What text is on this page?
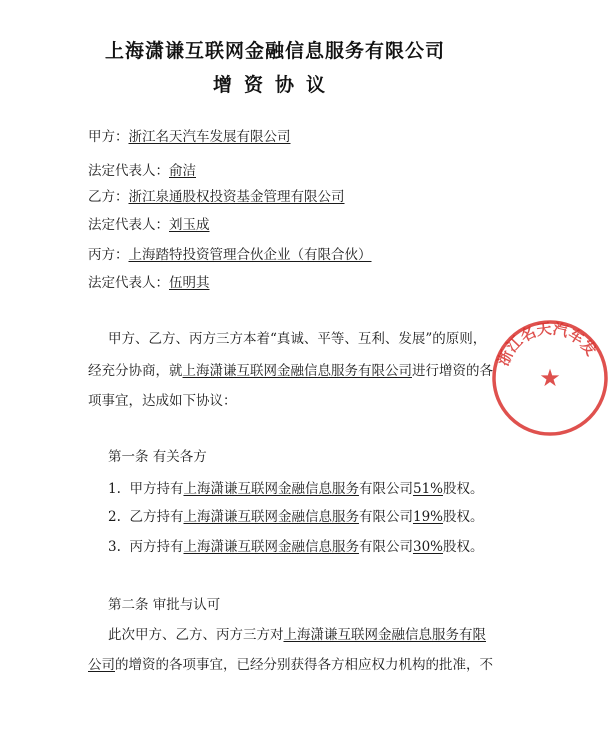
上海潇谦互联网金融信息服务有限公司
增资协议
甲方：浙江名天汽车发展有限公司
法定代表人：俞洁
乙方：浙江泉通股权投资基金管理有限公司
法定代表人：刘玉成
丙方：上海踏特投资管理合伙企业（有限合伙）
法定代表人：伍明其
甲方、乙方、丙方三方本着“真诚、平等、互利、发展”的原则，
经充分协商，就上海潇谦互联网金融信息服务有限公司进行增资的各
项事宜，达成如下协议：
第一条 有关各方
1. 甲方持有上海潇谦互联网金融信息服务有限公司51%股权。
2. 乙方持有上海潇谦互联网金融信息服务有限公司19%股权。
3. 丙方持有上海潇谦互联网金融信息服务有限公司30%股权。
第二条 审批与认可
此次甲方、乙方、丙方三方对上海潇谦互联网金融信息服务有限
公司的增资的各项事宜，已经分别获得各方相应权力机构的批准，不
浙江名天汽车发
★
